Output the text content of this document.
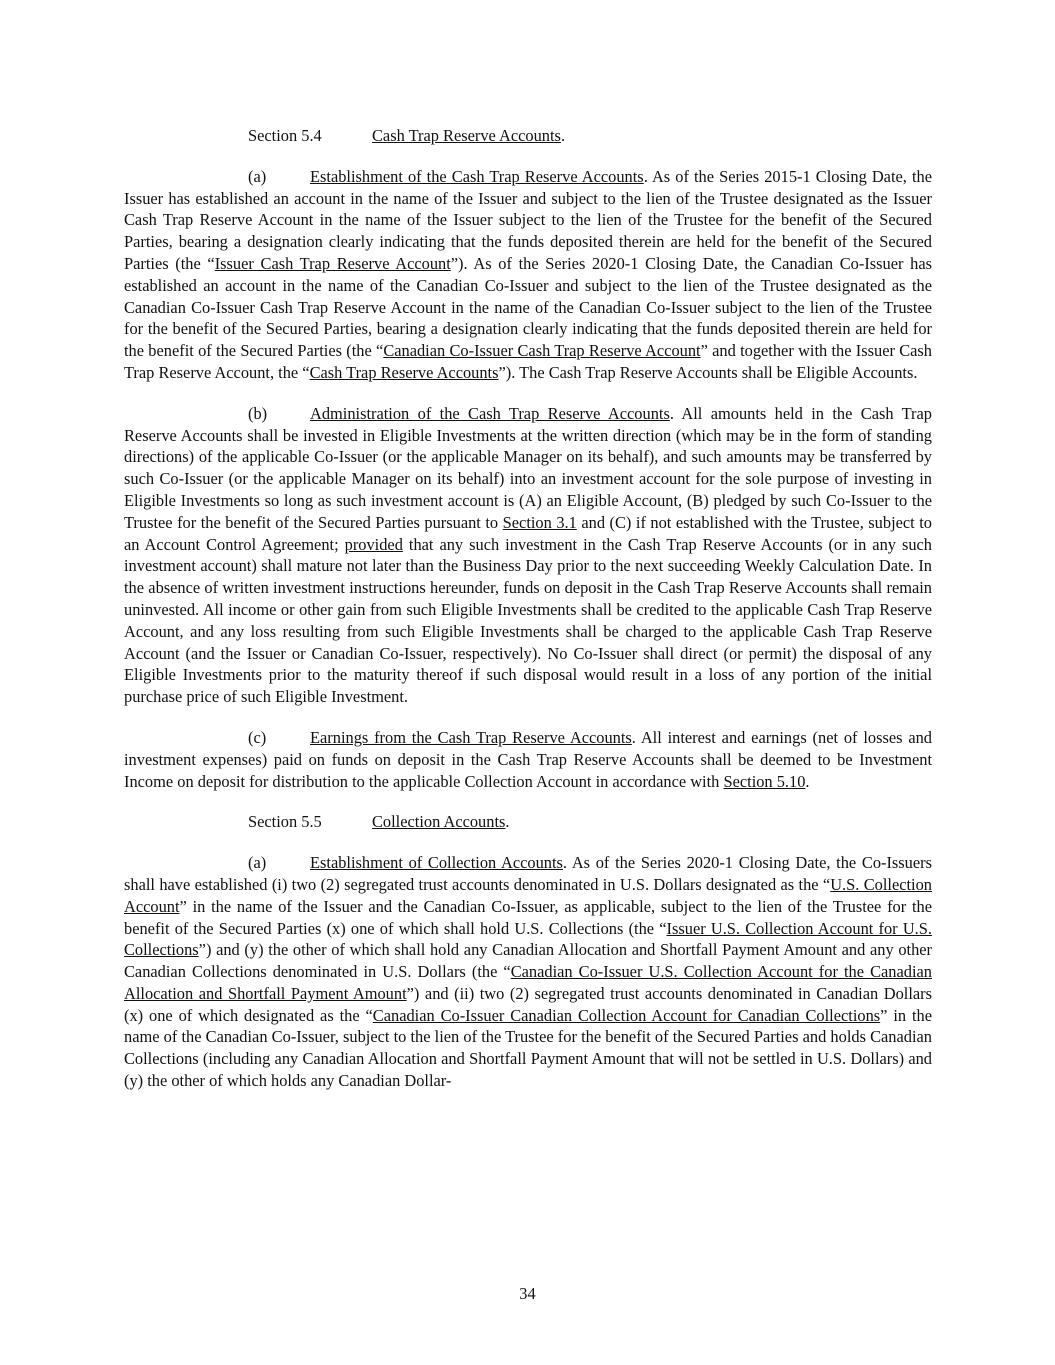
Section 5.4	Cash Trap Reserve Accounts.

(a)	Establishment of the Cash Trap Reserve Accounts. As of the Series 2015-1 Closing Date, the Issuer has established an account in the name of the Issuer and subject to the lien of the Trustee designated as the Issuer Cash Trap Reserve Account in the name of the Issuer subject to the lien of the Trustee for the benefit of the Secured Parties, bearing a designation clearly indicating that the funds deposited therein are held for the benefit of the Secured Parties (the “Issuer Cash Trap Reserve Account”). As of the Series 2020-1 Closing Date, the Canadian Co-Issuer has established an account in the name of the Canadian Co-Issuer and subject to the lien of the Trustee designated as the Canadian Co-Issuer Cash Trap Reserve Account in the name of the Canadian Co-Issuer subject to the lien of the Trustee for the benefit of the Secured Parties, bearing a designation clearly indicating that the funds deposited therein are held for the benefit of the Secured Parties (the “Canadian Co-Issuer Cash Trap Reserve Account” and together with the Issuer Cash Trap Reserve Account, the “Cash Trap Reserve Accounts”). The Cash Trap Reserve Accounts shall be Eligible Accounts.

(b)	Administration of the Cash Trap Reserve Accounts. All amounts held in the Cash Trap Reserve Accounts shall be invested in Eligible Investments at the written direction (which may be in the form of standing directions) of the applicable Co-Issuer (or the applicable Manager on its behalf), and such amounts may be transferred by such Co-Issuer (or the applicable Manager on its behalf) into an investment account for the sole purpose of investing in Eligible Investments so long as such investment account is (A) an Eligible Account, (B) pledged by such Co-Issuer to the Trustee for the benefit of the Secured Parties pursuant to Section 3.1 and (C) if not established with the Trustee, subject to an Account Control Agreement; provided that any such investment in the Cash Trap Reserve Accounts (or in any such investment account) shall mature not later than the Business Day prior to the next succeeding Weekly Calculation Date. In the absence of written investment instructions hereunder, funds on deposit in the Cash Trap Reserve Accounts shall remain uninvested. All income or other gain from such Eligible Investments shall be credited to the applicable Cash Trap Reserve Account, and any loss resulting from such Eligible Investments shall be charged to the applicable Cash Trap Reserve Account (and the Issuer or Canadian Co-Issuer, respectively). No Co-Issuer shall direct (or permit) the disposal of any Eligible Investments prior to the maturity thereof if such disposal would result in a loss of any portion of the initial purchase price of such Eligible Investment.

(c)	Earnings from the Cash Trap Reserve Accounts. All interest and earnings (net of losses and investment expenses) paid on funds on deposit in the Cash Trap Reserve Accounts shall be deemed to be Investment Income on deposit for distribution to the applicable Collection Account in accordance with Section 5.10.

Section 5.5	Collection Accounts.

(a)	Establishment of Collection Accounts. As of the Series 2020-1 Closing Date, the Co-Issuers shall have established (i) two (2) segregated trust accounts denominated in U.S. Dollars designated as the “U.S. Collection Account” in the name of the Issuer and the Canadian Co-Issuer, as applicable, subject to the lien of the Trustee for the benefit of the Secured Parties (x) one of which shall hold U.S. Collections (the “Issuer U.S. Collection Account for U.S. Collections”) and (y) the other of which shall hold any Canadian Allocation and Shortfall Payment Amount and any other Canadian Collections denominated in U.S. Dollars (the “Canadian Co-Issuer U.S. Collection Account for the Canadian Allocation and Shortfall Payment Amount”) and (ii) two (2) segregated trust accounts denominated in Canadian Dollars (x) one of which designated as the “Canadian Co-Issuer Canadian Collection Account for Canadian Collections” in the name of the Canadian Co-Issuer, subject to the lien of the Trustee for the benefit of the Secured Parties and holds Canadian Collections (including any Canadian Allocation and Shortfall Payment Amount that will not be settled in U.S. Dollars) and (y) the other of which holds any Canadian Dollar-

34
